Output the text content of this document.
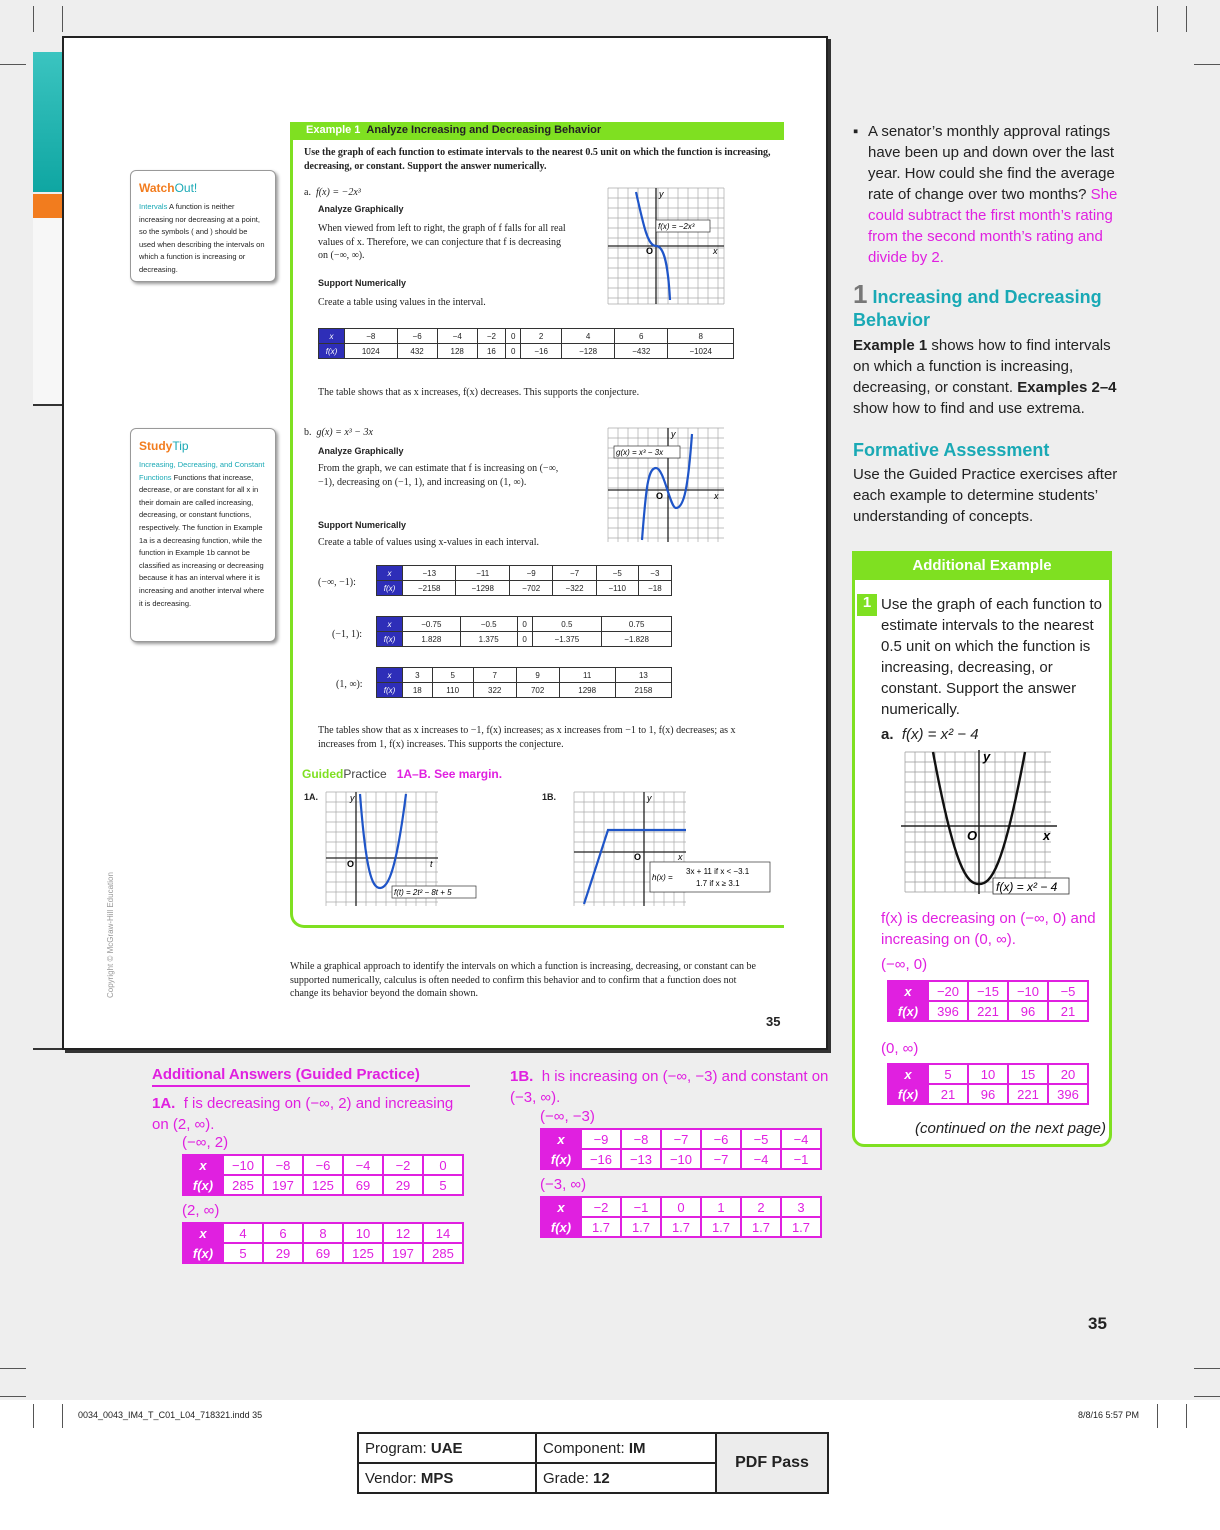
Example 1 Analyze Increasing and Decreasing Behavior
Use the graph of each function to estimate intervals to the nearest 0.5 unit on which the function is increasing, decreasing, or constant. Support the answer numerically.
a. f(x) = −2x³
Analyze Graphically
When viewed from left to right, the graph of f falls for all real values of x. Therefore, we can conjecture that f is decreasing on (−∞, ∞).
Support Numerically
Create a table using values in the interval.
f(x) = −2x³
O	x
y
x	−8	−6	−4	−2	0	2	4	6	8
f(x)	1024	432	128	16	0	−16	−128	−432	−1024
The table shows that as x increases, f(x) decreases. This supports the conjecture.
b. g(x) = x³ − 3x
Analyze Graphically
From the graph, we can estimate that f is increasing on (−∞, −1), decreasing on (−1, 1), and increasing on (1, ∞).
Support Numerically
Create a table of values using x-values in each interval.
g(x) = x³ − 3x
O	x
y
(−∞, −1):
x	−13	−11	−9	−7	−5	−3
f(x)	−2158	−1298	−702	−322	−110	−18
(−1, 1):
x	−0.75	−0.5	0	0.5	0.75
f(x)	1.828	1.375	0	−1.375	−1.828
(1, ∞):
x	3	5	7	9	11	13
f(x)	18	110	322	702	1298	2158
The tables show that as x increases to −1, f(x) increases; as x increases from −1 to 1, f(x) decreases; as x increases from 1, f(x) increases. This supports the conjecture.
GuidedPractice 1A–B. See margin.
1A.	1B.
f(t) = 2t² − 8t + 5
O	t
y
h(x) =
3x + 11 if x < −3.1
1.7 if x ≥ 3.1
O	x
y
While a graphical approach to identify the intervals on which a function is increasing, decreasing, or constant can be supported numerically, calculus is often needed to confirm this behavior and to confirm that a function does not change its behavior beyond the domain shown.
35
Copyright © McGraw-Hill Education
WatchOut!
Intervals A function is neither increasing nor decreasing at a point, so the symbols ( and ) should be used when describing the intervals on which a function is increasing or decreasing.
StudyTip
Increasing, Decreasing, and Constant Functions Functions that increase, decrease, or are constant for all x in their domain are called increasing, decreasing, or constant functions, respectively. The function in Example 1a is a decreasing function, while the function in Example 1b cannot be classified as increasing or decreasing because it has an interval where it is increasing and another interval where it is decreasing.
▪ A senator’s monthly approval ratings have been up and down over the last year. How could she find the average rate of change over two months? She could subtract the first month’s rating from the second month’s rating and divide by 2.
1 Increasing and Decreasing Behavior
Example 1 shows how to find intervals on which a function is increasing, decreasing, or constant. Examples 2–4 show how to find and use extrema.
Formative Assessment
Use the Guided Practice exercises after each example to determine students’ understanding of concepts.
Additional Example
1 Use the graph of each function to estimate intervals to the nearest 0.5 unit on which the function is increasing, decreasing, or constant. Support the answer numerically.
a. f(x) = x² − 4
f(x) = x² − 4
O	x
y
f(x) is decreasing on (−∞, 0) and increasing on (0, ∞).
(−∞, 0)
x	−20	−15	−10	−5
f(x)	396	221	96	21
(0, ∞)
x	5	10	15	20
f(x)	21	96	221	396
(continued on the next page)
Additional Answers (Guided Practice)
1A. f is decreasing on (−∞, 2) and increasing on (2, ∞).
(−∞, 2)
x	−10	−8	−6	−4	−2	0
f(x)	285	197	125	69	29	5
(2, ∞)
x	4	6	8	10	12	14
f(x)	5	29	69	125	197	285
1B. h is increasing on (−∞, −3) and constant on (−3, ∞).
(−∞, −3)
x	−9	−8	−7	−6	−5	−4
f(x)	−16	−13	−10	−7	−4	−1
(−3, ∞)
x	−2	−1	0	1	2	3
f(x)	1.7	1.7	1.7	1.7	1.7	1.7
35
0034_0043_IM4_T_C01_L04_718321.indd 35	8/8/16 5:57 PM
Program: UAE	Component: IM	PDF Pass
Vendor: MPS	Grade: 12	
